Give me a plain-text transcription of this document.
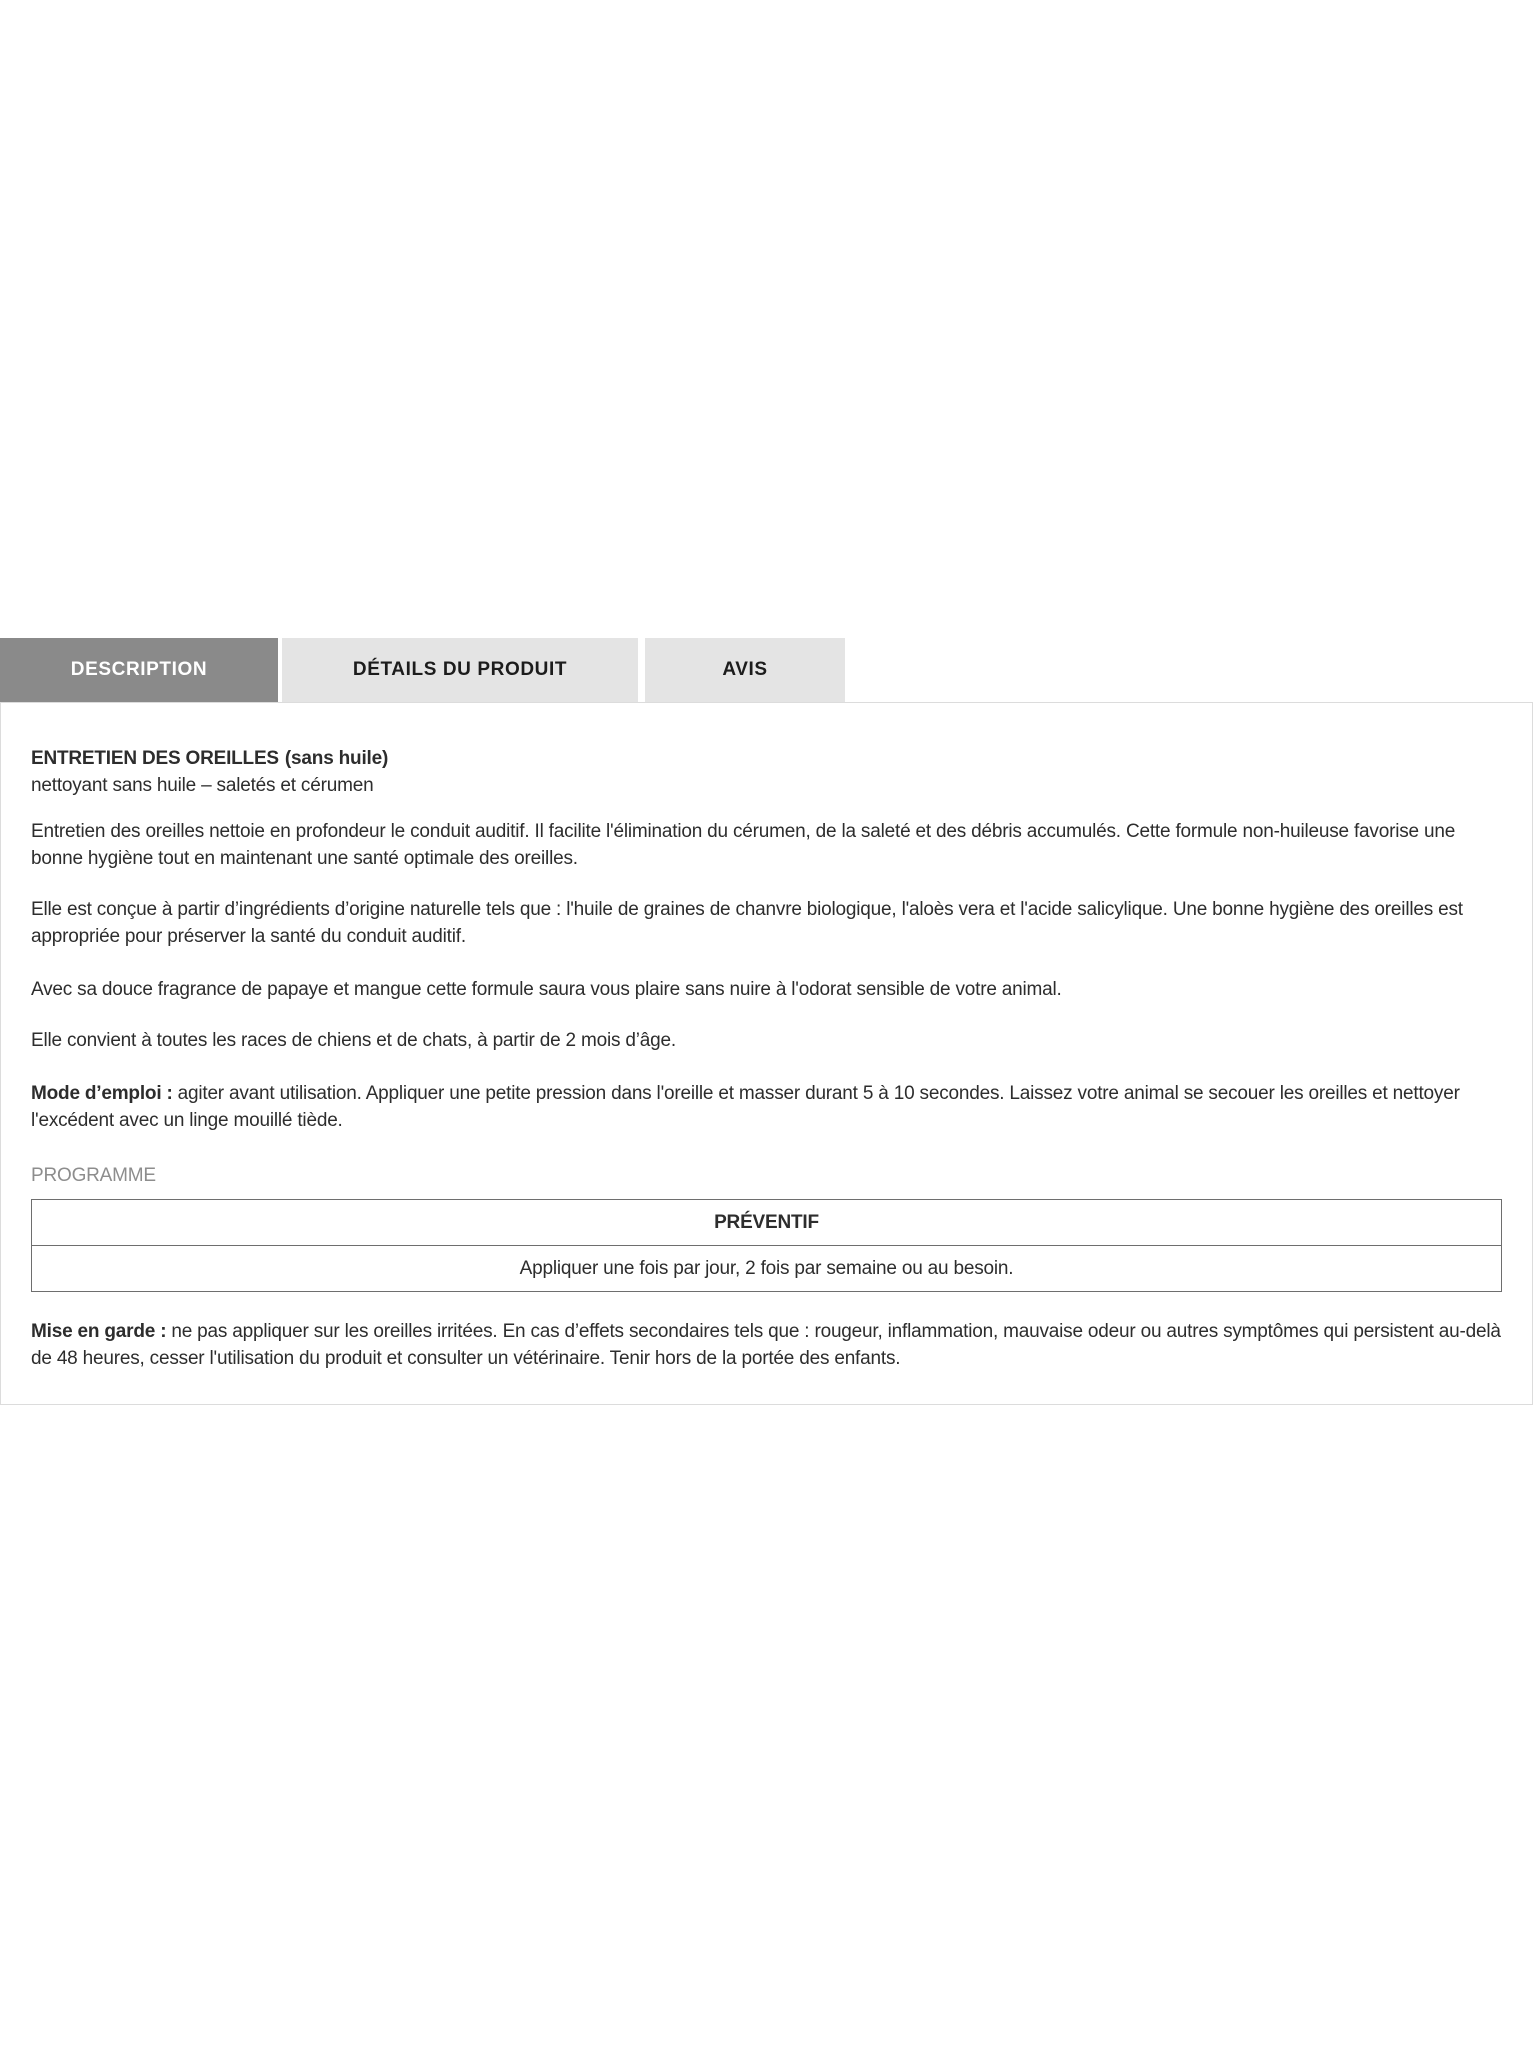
DESCRIPTION	DÉTAILS DU PRODUIT	AVIS

ENTRETIEN DES OREILLES (sans huile)

nettoyant sans huile – saletés et cérumen

Entretien des oreilles nettoie en profondeur le conduit auditif. Il facilite l'élimination du cérumen, de la saleté et des débris accumulés. Cette formule non-huileuse favorise une bonne hygiène tout en maintenant une santé optimale des oreilles.

Elle est conçue à partir d’ingrédients d’origine naturelle tels que : l'huile de graines de chanvre biologique, l'aloès vera et l'acide salicylique. Une bonne hygiène des oreilles est appropriée pour préserver la santé du conduit auditif.

Avec sa douce fragrance de papaye et mangue cette formule saura vous plaire sans nuire à l'odorat sensible de votre animal.

Elle convient à toutes les races de chiens et de chats, à partir de 2 mois d’âge.

Mode d’emploi : agiter avant utilisation. Appliquer une petite pression dans l'oreille et masser durant 5 à 10 secondes. Laissez votre animal se secouer les oreilles et nettoyer l'excédent avec un linge mouillé tiède.

PROGRAMME

PRÉVENTIF
Appliquer une fois par jour, 2 fois par semaine ou au besoin.

Mise en garde : ne pas appliquer sur les oreilles irritées. En cas d’effets secondaires tels que : rougeur, inflammation, mauvaise odeur ou autres symptômes qui persistent au-delà de 48 heures, cesser l'utilisation du produit et consulter un vétérinaire. Tenir hors de la portée des enfants.
